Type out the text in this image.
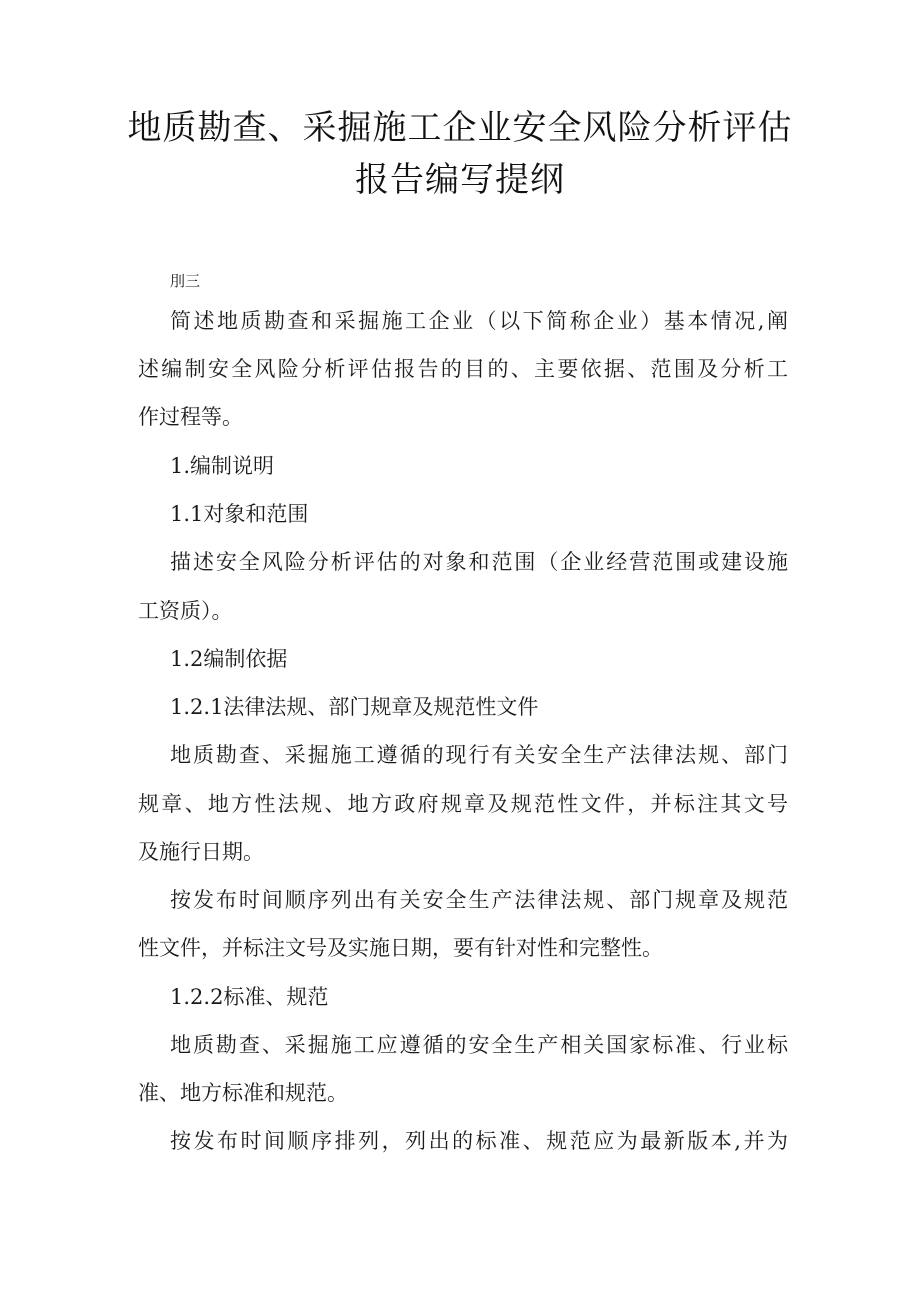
地质勘查、采掘施工企业安全风险分析评估
报告编写提纲
刖三
简述地质勘查和采掘施工企业（以下简称企业）基本情况,阐
述编制安全风险分析评估报告的目的、主要依据、范围及分析工
作过程等。
1.编制说明
1.1对象和范围
描述安全风险分析评估的对象和范围（企业经营范围或建设施
工资质）。
1.2编制依据
1.2.1法律法规、部门规章及规范性文件
地质勘查、采掘施工遵循的现行有关安全生产法律法规、部门
规章、地方性法规、地方政府规章及规范性文件，并标注其文号
及施行日期。
按发布时间顺序列出有关安全生产法律法规、部门规章及规范
性文件，并标注文号及实施日期，要有针对性和完整性。
1.2.2标准、规范
地质勘查、采掘施工应遵循的安全生产相关国家标准、行业标
准、地方标准和规范。
按发布时间顺序排列，列出的标准、规范应为最新版本,并为
